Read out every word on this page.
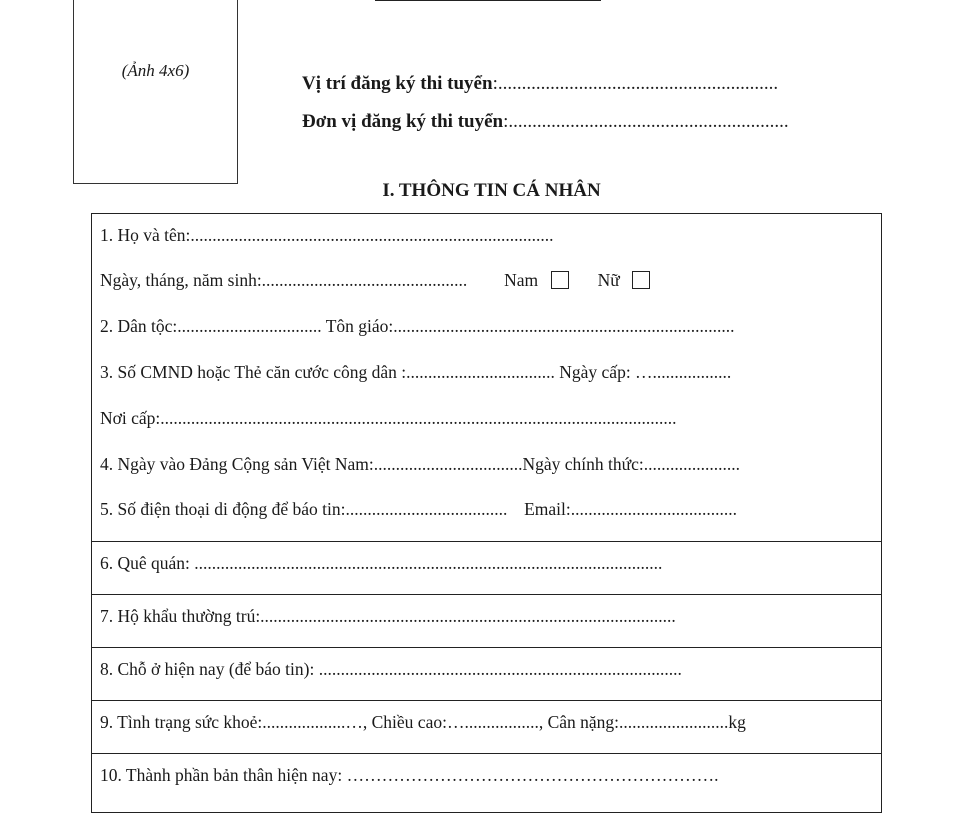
(Ảnh 4x6)
Vị trí đăng ký thi tuyển:...........................................................
Đơn vị đăng ký thi tuyển:...........................................................
I. THÔNG TIN CÁ NHÂN
1. Họ và tên:...................................................................................
Ngày, tháng, năm sinh:............................................... Nam	Nữ
2. Dân tộc:................................. Tôn giáo:..............................................................................
3. Số CMND hoặc Thẻ căn cước công dân :.................................. Ngày cấp: …..................
Nơi cấp:......................................................................................................................
4. Ngày vào Đảng Cộng sản Việt Nam:..................................Ngày chính thức:......................
5. Số điện thoại di động để báo tin:..................................... Email:......................................
6. Quê quán: ...........................................................................................................
7. Hộ khẩu thường trú:...............................................................................................
8. Chỗ ở hiện nay (để báo tin): ...................................................................................
9. Tình trạng sức khoẻ:...................…, Chiều cao:…................., Cân nặng:.........................kg
10. Thành phần bản thân hiện nay: ……………………………………………………….
